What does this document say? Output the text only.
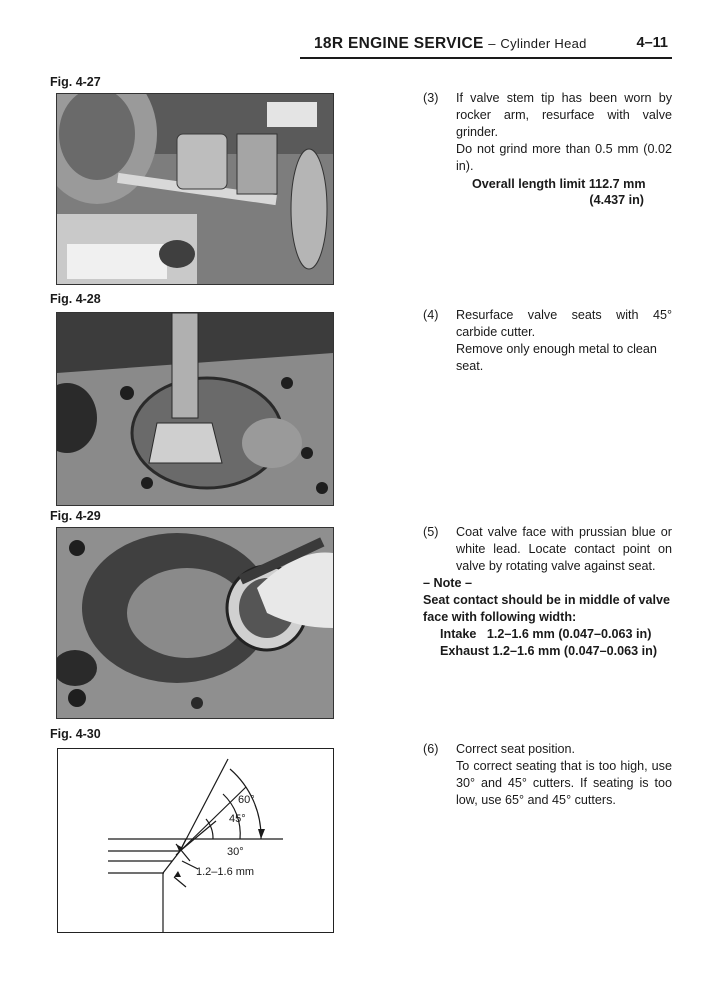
18R ENGINE SERVICE – Cylinder Head	4–11
Fig. 4-27
Fig. 4-28
Fig. 4-29
Fig. 4-30
60°
45°
30°
1.2–1.6 mm
(3) If valve stem tip has been worn by rocker arm, resurface with valve grinder.
Do not grind more than 0.5 mm (0.02 in).
Overall length limit 112.7 mm
(4.437 in)
(4) Resurface valve seats with 45° carbide cutter.
Remove only enough metal to clean seat.
(5) Coat valve face with prussian blue or white lead. Locate contact point on valve by rotating valve against seat.
– Note –
Seat contact should be in middle of valve face with following width:
Intake 1.2–1.6 mm (0.047–0.063 in)
Exhaust 1.2–1.6 mm (0.047–0.063 in)
(6) Correct seat position.
To correct seating that is too high, use 30° and 45° cutters. If seating is too low, use 65° and 45° cutters.
